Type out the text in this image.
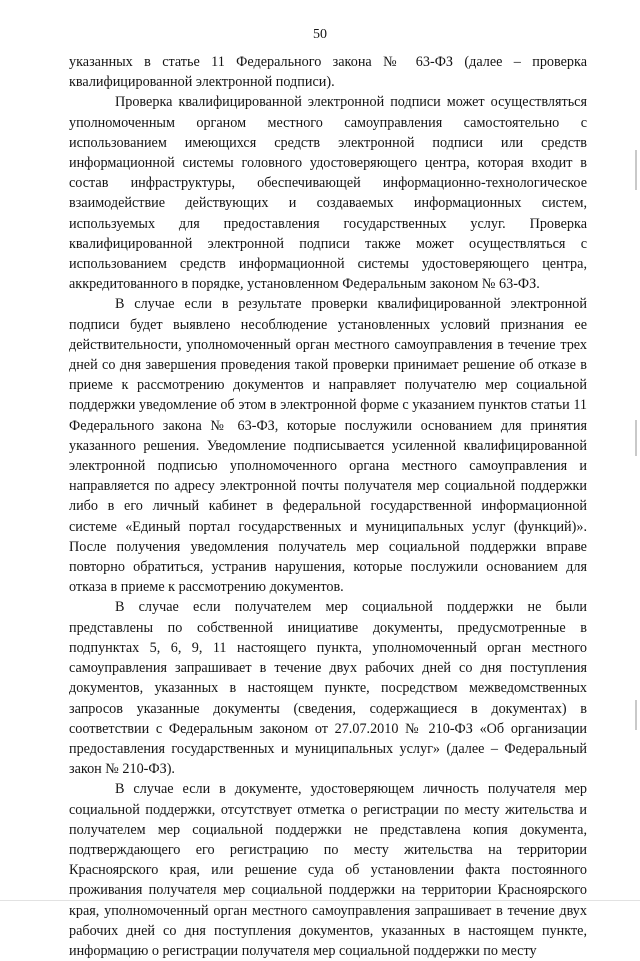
50

указанных в статье 11 Федерального закона № 63-ФЗ (далее – проверка квалифицированной электронной подписи).

Проверка квалифицированной электронной подписи может осуществляться уполномоченным органом местного самоуправления самостоятельно с использованием имеющихся средств электронной подписи или средств информационной системы головного удостоверяющего центра, которая входит в состав инфраструктуры, обеспечивающей информационно-технологическое взаимодействие действующих и создаваемых информационных систем, используемых для предоставления государственных услуг. Проверка квалифицированной электронной подписи также может осуществляться с использованием средств информационной системы удостоверяющего центра, аккредитованного в порядке, установленном Федеральным законом № 63-ФЗ.

В случае если в результате проверки квалифицированной электронной подписи будет выявлено несоблюдение установленных условий признания ее действительности, уполномоченный орган местного самоуправления в течение трех дней со дня завершения проведения такой проверки принимает решение об отказе в приеме к рассмотрению документов и направляет получателю мер социальной поддержки уведомление об этом в электронной форме с указанием пунктов статьи 11 Федерального закона № 63-ФЗ, которые послужили основанием для принятия указанного решения. Уведомление подписывается усиленной квалифицированной электронной подписью уполномоченного органа местного самоуправления и направляется по адресу электронной почты получателя мер социальной поддержки либо в его личный кабинет в федеральной государственной информационной системе «Единый портал государственных и муниципальных услуг (функций)». После получения уведомления получатель мер социальной поддержки вправе повторно обратиться, устранив нарушения, которые послужили основанием для отказа в приеме к рассмотрению документов.

В случае если получателем мер социальной поддержки не были представлены по собственной инициативе документы, предусмотренные в подпунктах 5, 6, 9, 11 настоящего пункта, уполномоченный орган местного самоуправления запрашивает в течение двух рабочих дней со дня поступления документов, указанных в настоящем пункте, посредством межведомственных запросов указанные документы (сведения, содержащиеся в документах) в соответствии с Федеральным законом от 27.07.2010 № 210-ФЗ «Об организации предоставления государственных и муниципальных услуг» (далее – Федеральный закон № 210-ФЗ).

В случае если в документе, удостоверяющем личность получателя мер социальной поддержки, отсутствует отметка о регистрации по месту жительства и получателем мер социальной поддержки не представлена копия документа, подтверждающего его регистрацию по месту жительства на территории Красноярского края, или решение суда об установлении факта постоянного проживания получателя мер социальной поддержки на территории Красноярского края, уполномоченный орган местного самоуправления запрашивает в течение двух рабочих дней со дня поступления документов, указанных в настоящем пункте, информацию о регистрации получателя мер социальной поддержки по месту
